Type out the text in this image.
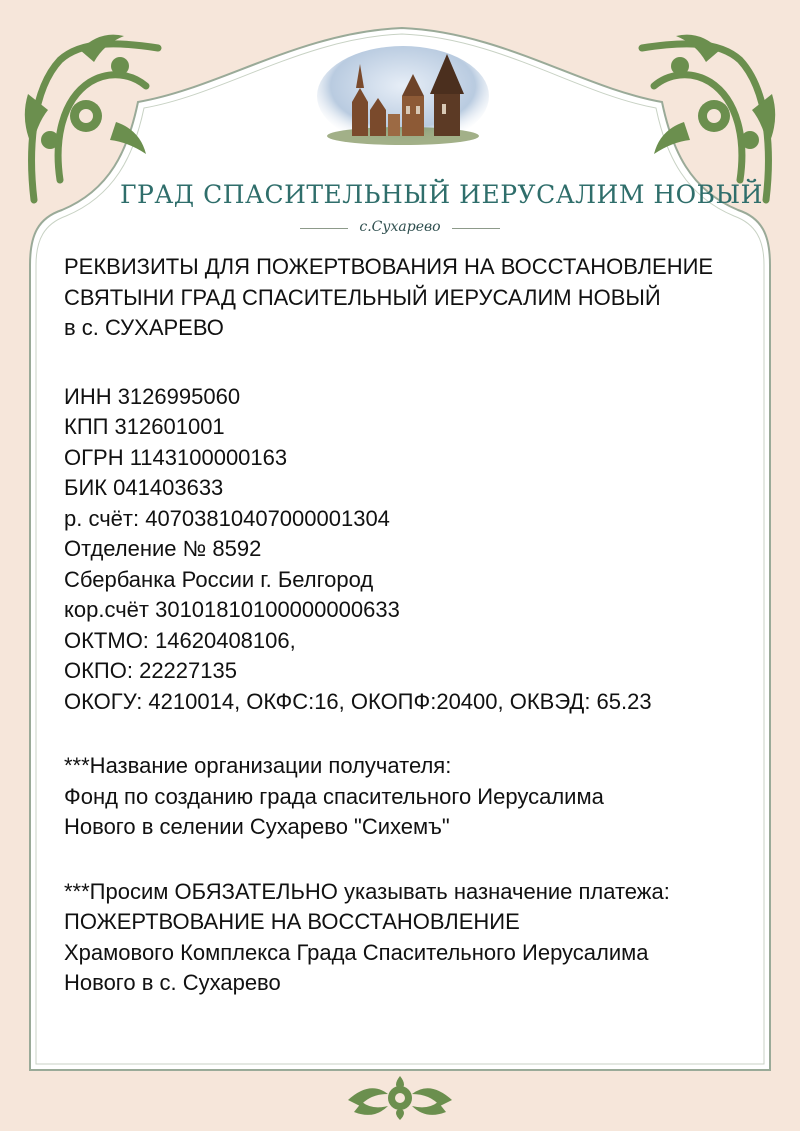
ГРАД СПАСИТЕЛЬНЫЙ ИЕРУСАЛИМ НОВЫЙ
с.Сухарево
РЕКВИЗИТЫ ДЛЯ ПОЖЕРТВОВАНИЯ НА ВОССТАНОВЛЕНИЕ
СВЯТЫНИ ГРАД СПАСИТЕЛЬНЫЙ ИЕРУСАЛИМ НОВЫЙ
в с. СУХАРЕВО
ИНН 3126995060
КПП 312601001
ОГРН 1143100000163
БИК 041403633
р. счёт: 40703810407000001304
Отделение № 8592
Сбербанка России г. Белгород
кор.счёт 30101810100000000633
ОКТМО: 14620408106,
ОКПО: 22227135
ОКОГУ: 4210014, ОКФС:16, ОКОПФ:20400, ОКВЭД: 65.23
***Название организации получателя:
Фонд по созданию града спасительного Иерусалима
Нового в селении Сухарево "Сихемъ"
***Просим ОБЯЗАТЕЛЬНО указывать назначение платежа:
ПОЖЕРТВОВАНИЕ НА ВОССТАНОВЛЕНИЕ
Храмового Комплекса Града Спасительного Иерусалима
Нового в с. Сухарево
